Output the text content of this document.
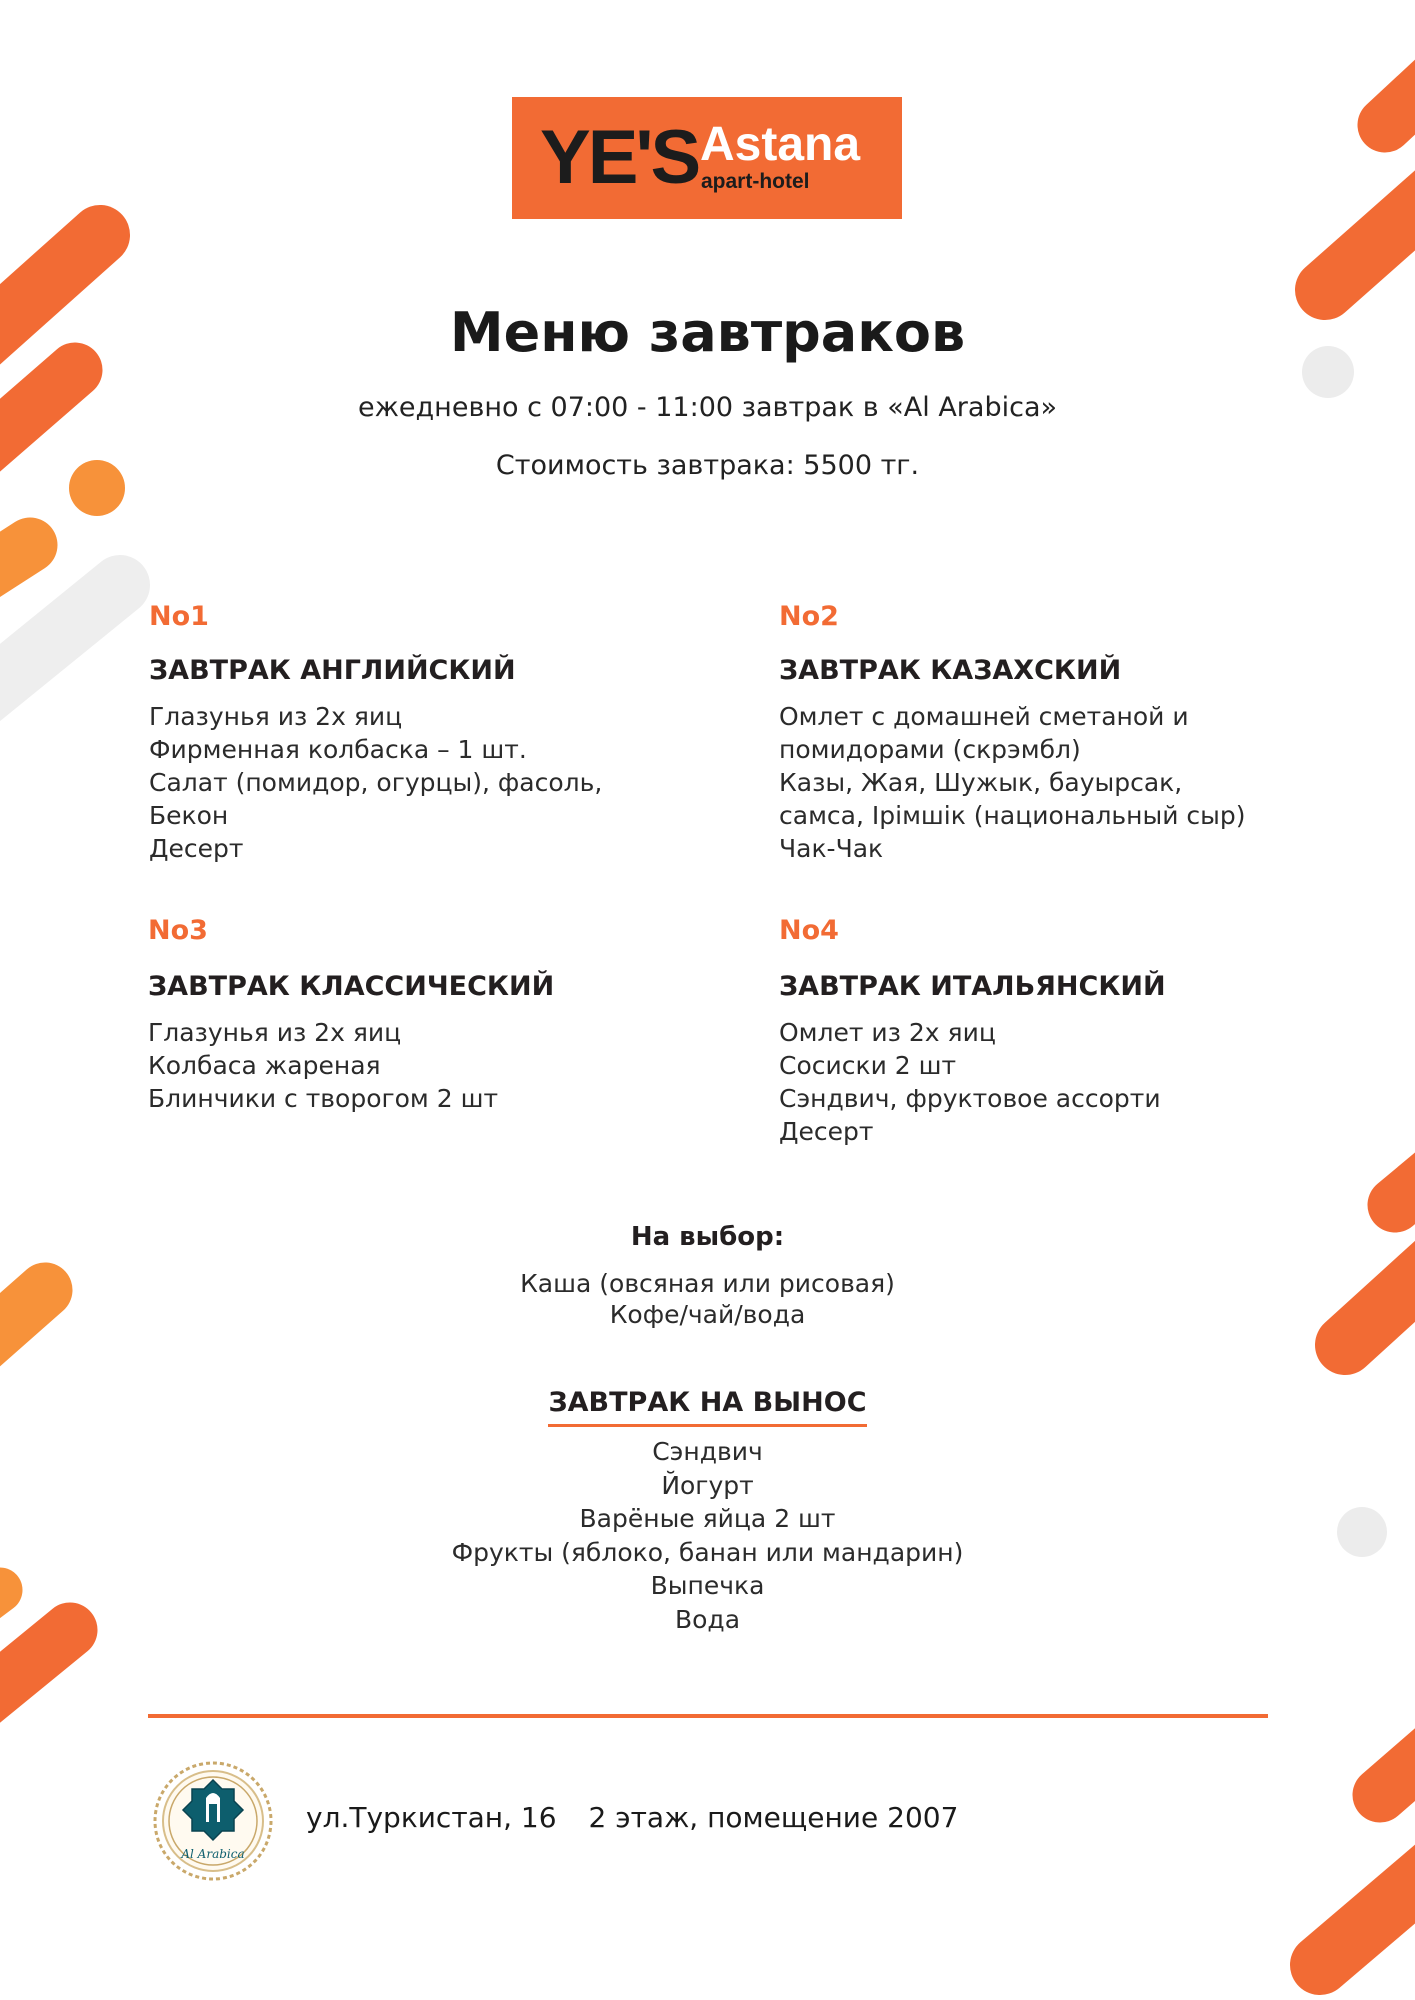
YE'S Astana
apart-hotel
Меню завтраков
ежедневно с 07:00 - 11:00 завтрак в «Al Arabica»
Стоимость завтрака: 5500 тг.
No1
ЗАВТРАК АНГЛИЙСКИЙ
Глазунья из 2х яиц
Фирменная колбаска – 1 шт.
Салат (помидор, огурцы), фасоль,
Бекон
Десерт
No2
ЗАВТРАК КАЗАХСКИЙ
Омлет с домашней сметаной и
помидорами (скрэмбл)
Казы, Жая, Шужык, бауырсак,
самса, Ірімшік (национальный сыр)
Чак-Чак
No3
ЗАВТРАК КЛАССИЧЕСКИЙ
Глазунья из 2х яиц
Колбаса жареная
Блинчики с творогом 2 шт
No4
ЗАВТРАК ИТАЛЬЯНСКИЙ
Омлет из 2х яиц
Сосиски 2 шт
Сэндвич, фруктовое ассорти
Десерт
На выбор:
Каша (овсяная или рисовая)
Кофе/чай/вода
ЗАВТРАК НА ВЫНОС
Сэндвич
Йогурт
Варёные яйца 2 шт
Фрукты (яблоко, банан или мандарин)
Выпечка
Вода
Al Arabica
ул.Туркистан, 16 2 этаж, помещение 2007
